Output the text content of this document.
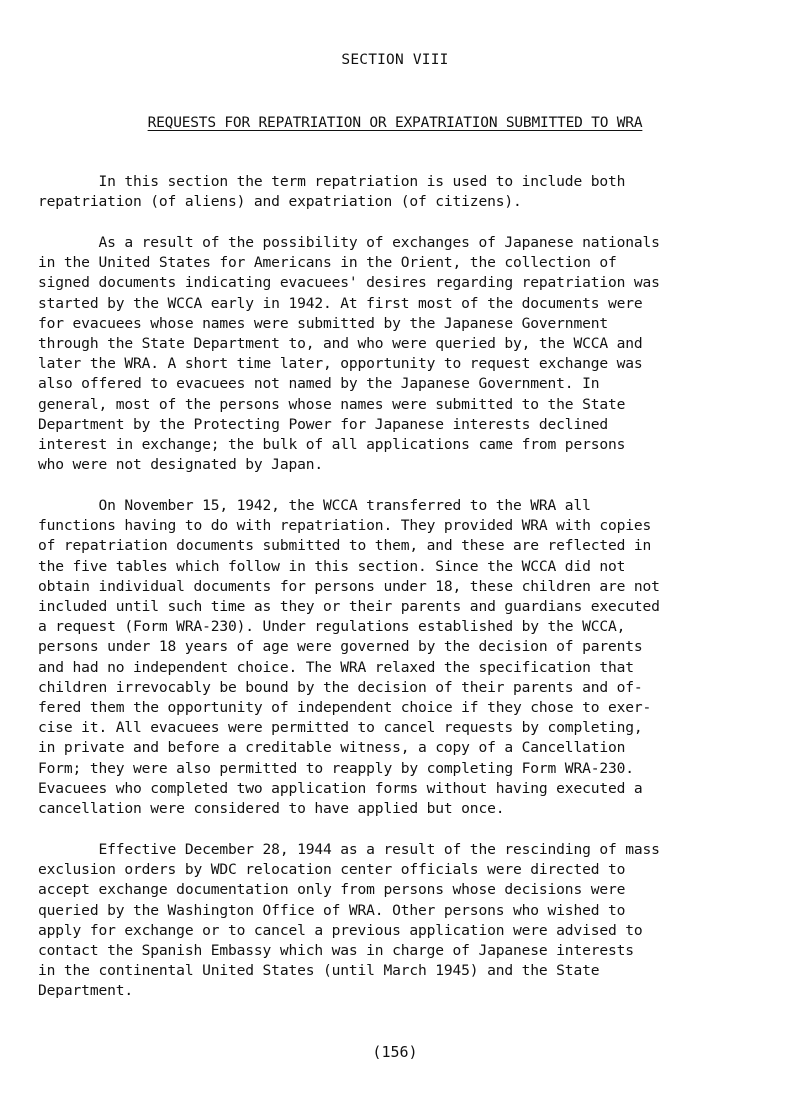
SECTION VIII
REQUESTS FOR REPATRIATION OR EXPATRIATION SUBMITTED TO WRA

In this section the term repatriation is used to include both
repatriation (of aliens) and expatriation (of citizens).

As a result of the possibility of exchanges of Japanese nationals
in the United States for Americans in the Orient, the collection of
signed documents indicating evacuees' desires regarding repatriation was
started by the WCCA early in 1942. At first most of the documents were
for evacuees whose names were submitted by the Japanese Government
through the State Department to, and who were queried by, the WCCA and
later the WRA. A short time later, opportunity to request exchange was
also offered to evacuees not named by the Japanese Government. In
general, most of the persons whose names were submitted to the State
Department by the Protecting Power for Japanese interests declined
interest in exchange; the bulk of all applications came from persons
who were not designated by Japan.

On November 15, 1942, the WCCA transferred to the WRA all
functions having to do with repatriation. They provided WRA with copies
of repatriation documents submitted to them, and these are reflected in
the five tables which follow in this section. Since the WCCA did not
obtain individual documents for persons under 18, these children are not
included until such time as they or their parents and guardians executed
a request (Form WRA-230). Under regulations established by the WCCA,
persons under 18 years of age were governed by the decision of parents
and had no independent choice. The WRA relaxed the specification that
children irrevocably be bound by the decision of their parents and of-
fered them the opportunity of independent choice if they chose to exer-
cise it. All evacuees were permitted to cancel requests by completing,
in private and before a creditable witness, a copy of a Cancellation
Form; they were also permitted to reapply by completing Form WRA-230.
Evacuees who completed two application forms without having executed a
cancellation were considered to have applied but once.

Effective December 28, 1944 as a result of the rescinding of mass
exclusion orders by WDC relocation center officials were directed to
accept exchange documentation only from persons whose decisions were
queried by the Washington Office of WRA. Other persons who wished to
apply for exchange or to cancel a previous application were advised to
contact the Spanish Embassy which was in charge of Japanese interests
in the continental United States (until March 1945) and the State
Department.

(156)
